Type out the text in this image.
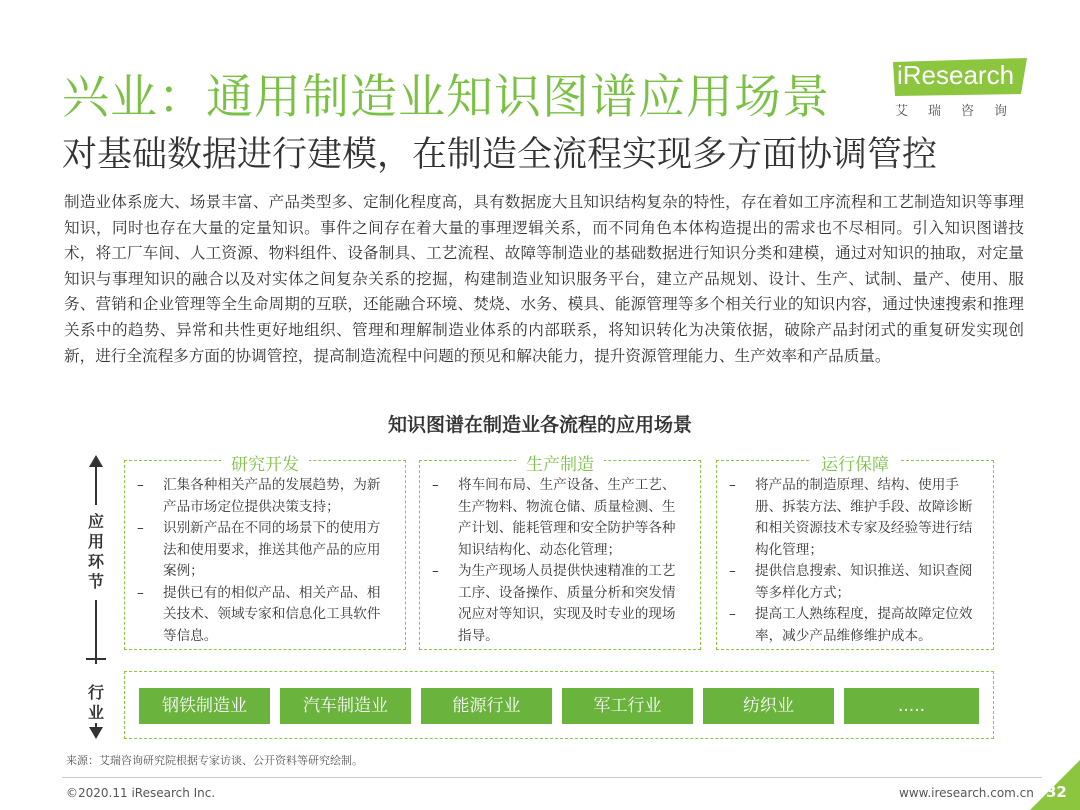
兴业：通用制造业知识图谱应用场景
对基础数据进行建模，在制造全流程实现多方面协调管控
iResearch
艾瑞咨询
制造业体系庞大、场景丰富、产品类型多、定制化程度高，具有数据庞大且知识结构复杂的特性，存在着如工序流程和工艺制造知识等事理知识，同时也存在大量的定量知识。事件之间存在着大量的事理逻辑关系，而不同角色本体构造提出的需求也不尽相同。引入知识图谱技术，将工厂车间、人工资源、物料组件、设备制具、工艺流程、故障等制造业的基础数据进行知识分类和建模，通过对知识的抽取，对定量知识与事理知识的融合以及对实体之间复杂关系的挖掘，构建制造业知识服务平台，建立产品规划、设计、生产、试制、量产、使用、服务、营销和企业管理等全生命周期的互联，还能融合环境、焚烧、水务、模具、能源管理等多个相关行业的知识内容，通过快速搜索和推理关系中的趋势、异常和共性更好地组织、管理和理解制造业体系的内部联系，将知识转化为决策依据，破除产品封闭式的重复研发实现创新，进行全流程多方面的协调管控，提高制造流程中问题的预见和解决能力，提升资源管理能力、生产效率和产品质量。
知识图谱在制造业各流程的应用场景
应用环节
行业
研究开发
– 汇集各种相关产品的发展趋势，为新产品市场定位提供决策支持；
– 识别新产品在不同的场景下的使用方法和使用要求，推送其他产品的应用案例；
– 提供已有的相似产品、相关产品、相关技术、领域专家和信息化工具软件等信息。
生产制造
– 将车间布局、生产设备、生产工艺、生产物料、物流仓储、质量检测、生产计划、能耗管理和安全防护等各种知识结构化、动态化管理；
– 为生产现场人员提供快速精准的工艺工序、设备操作、质量分析和突发情况应对等知识，实现及时专业的现场指导。
运行保障
– 将产品的制造原理、结构、使用手册、拆装方法、维护手段、故障诊断和相关资源技术专家及经验等进行结构化管理；
– 提供信息搜索、知识推送、知识查阅等多样化方式；
– 提高工人熟练程度，提高故障定位效率，减少产品维修维护成本。
钢铁制造业	汽车制造业	能源行业	军工行业	纺织业	.....
来源：艾瑞咨询研究院根据专家访谈、公开资料等研究绘制。
©2020.11 iResearch Inc.	www.iresearch.com.cn 32
